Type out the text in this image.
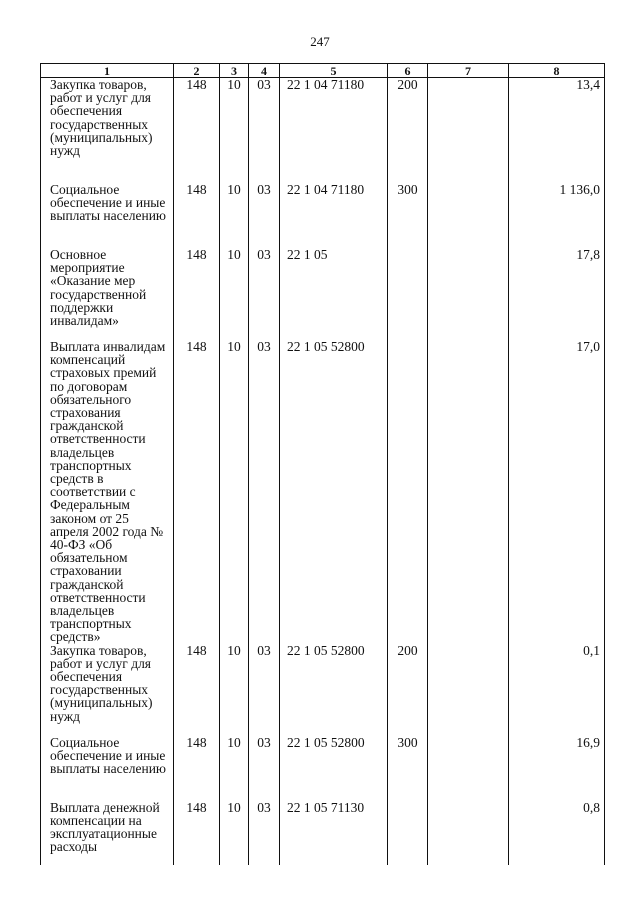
247
1	2	3	4	5	6	7	8
Закупка товаров, работ и услуг для обеспечения государственных (муниципальных) нужд	148	10	03	22 1 04 71180	200		13,4
Социальное обеспечение и иные выплаты населению	148	10	03	22 1 04 71180	300		1 136,0
Основное мероприятие «Оказание мер государственной поддержки инвалидам»	148	10	03	22 1 05			17,8
Выплата инвалидам компенсаций страховых премий по договорам обязательного страхования гражданской ответственности владельцев транспортных средств в соответствии с Федеральным законом от 25 апреля 2002 года № 40-ФЗ «Об обязательном страховании гражданской ответственности владельцев транспортных средств»	148	10	03	22 1 05 52800			17,0
Закупка товаров, работ и услуг для обеспечения государственных (муниципальных) нужд	148	10	03	22 1 05 52800	200		0,1
Социальное обеспечение и иные выплаты населению	148	10	03	22 1 05 52800	300		16,9
Выплата денежной компенсации на эксплуатационные расходы	148	10	03	22 1 05 71130			0,8
